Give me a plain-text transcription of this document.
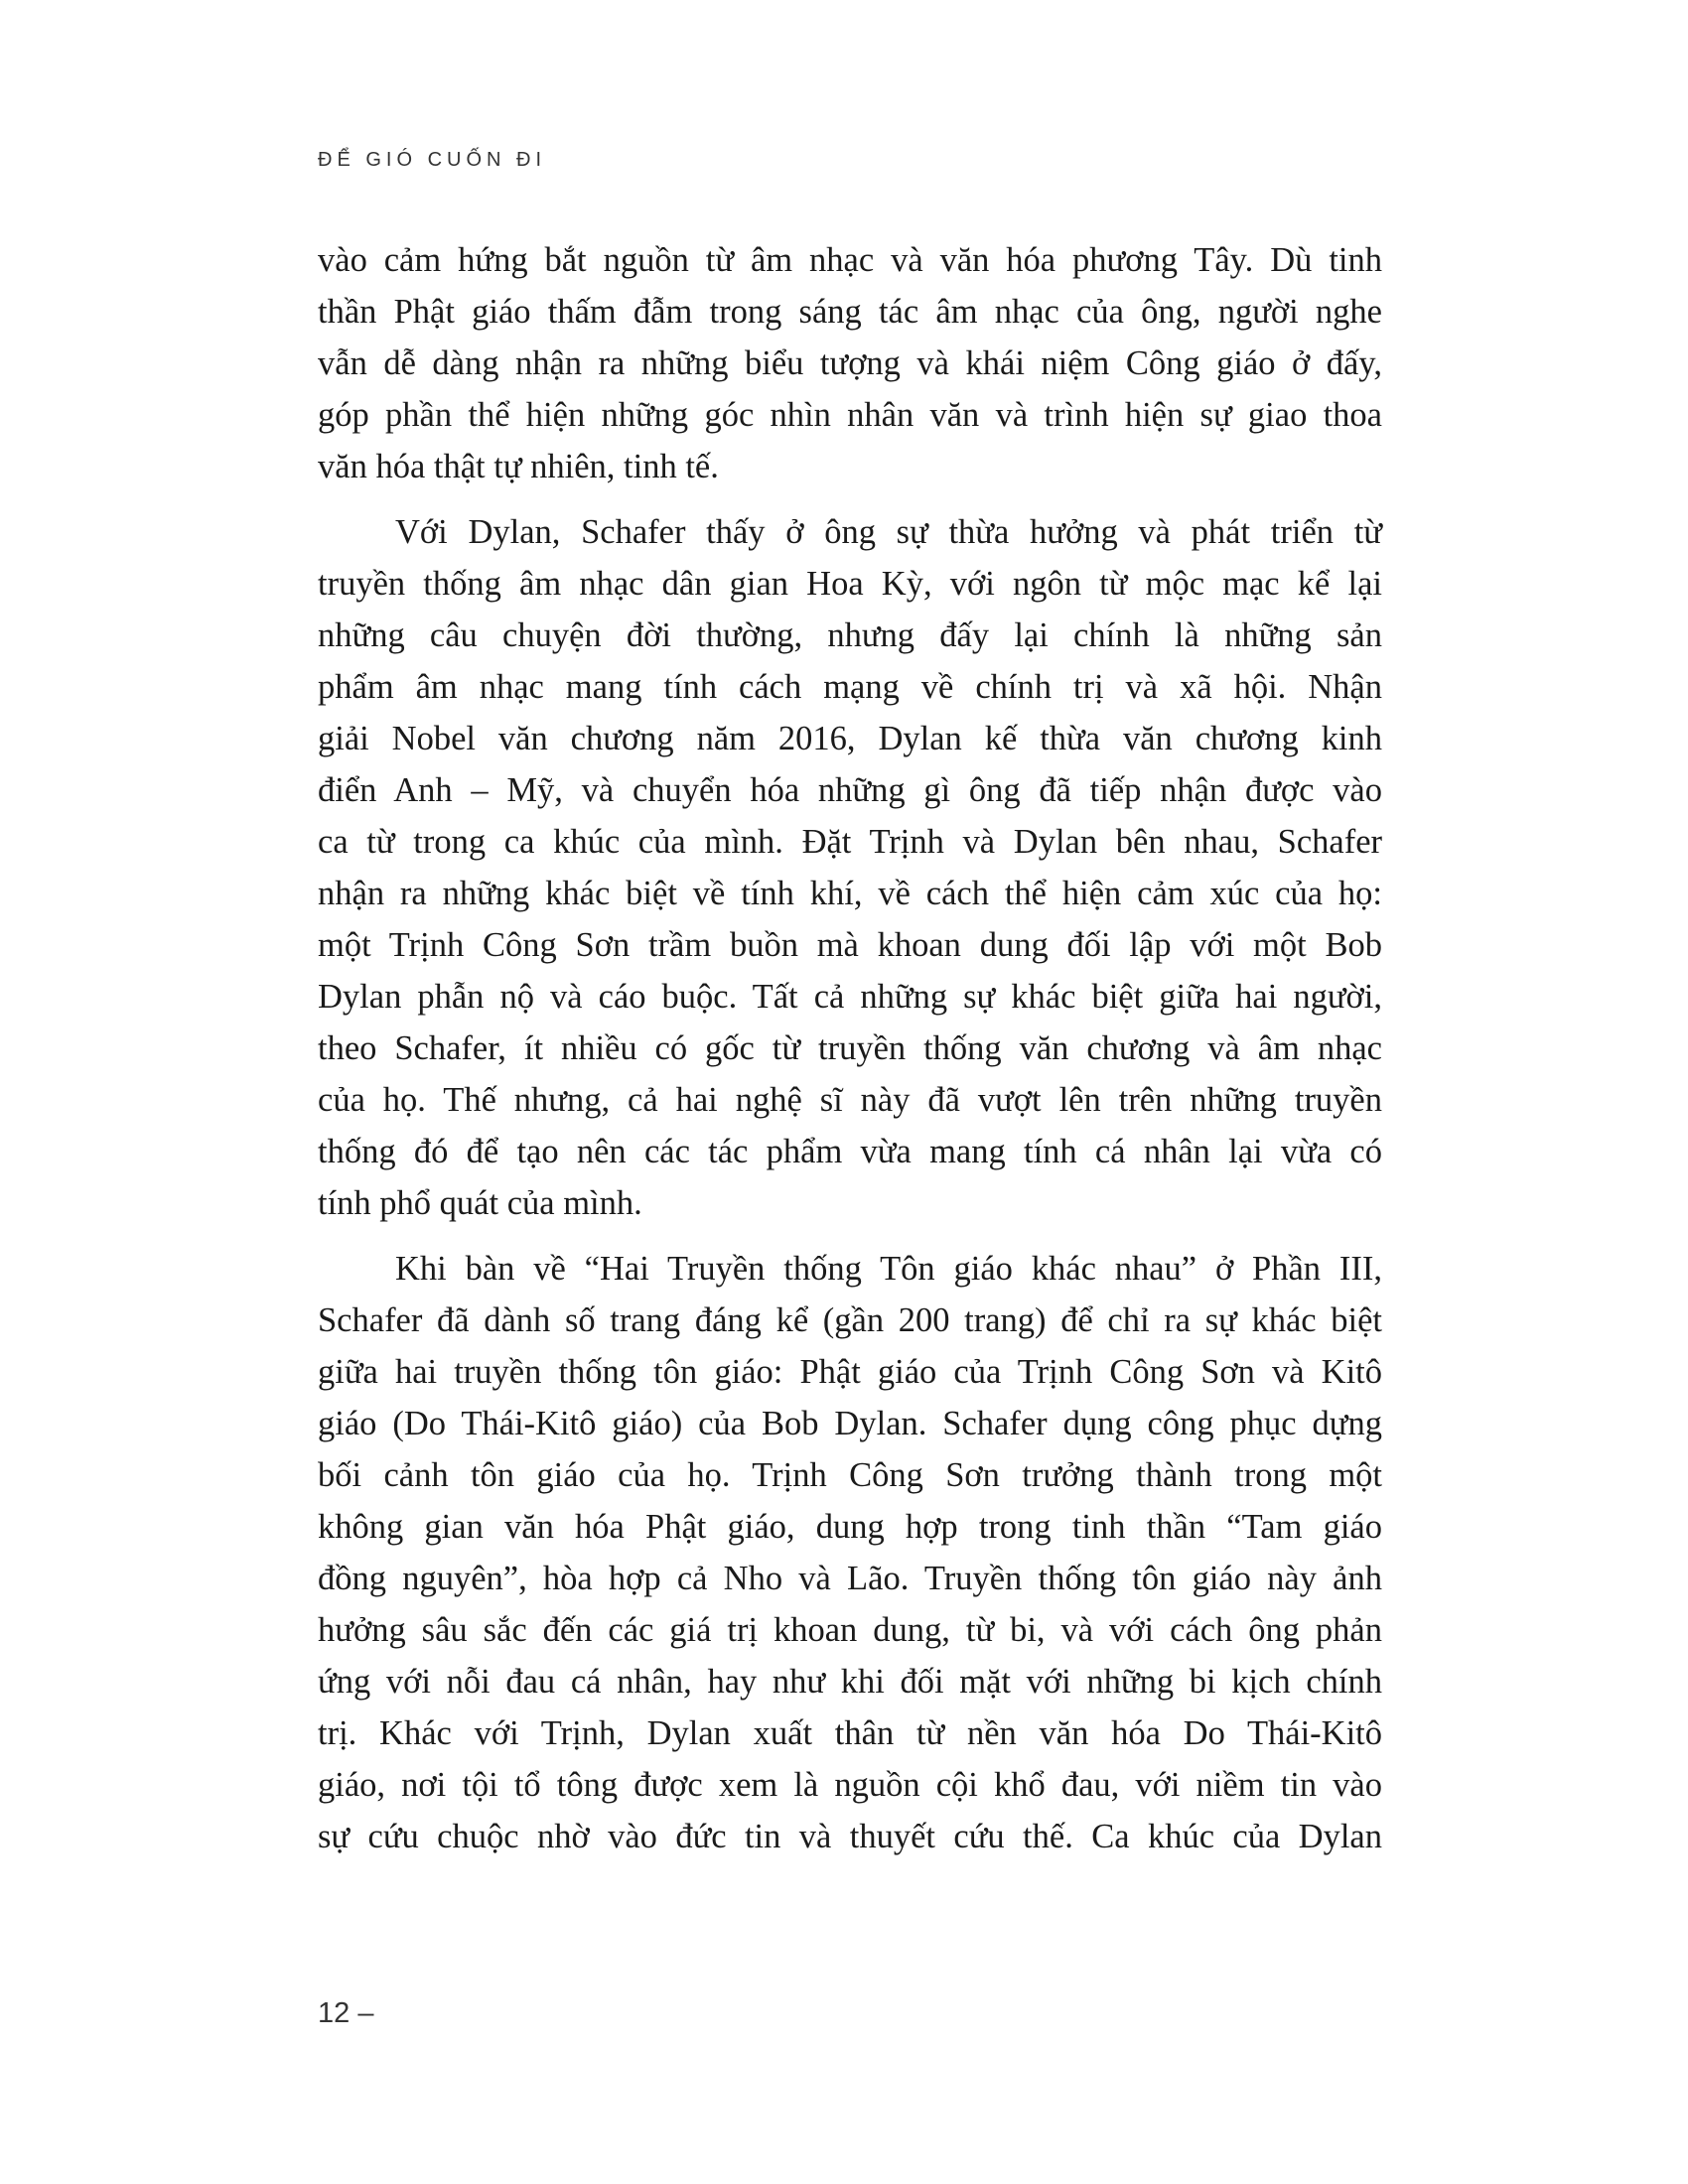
ĐỂ GIÓ CUỐN ĐI
vào cảm hứng bắt nguồn từ âm nhạc và văn hóa phương Tây. Dù tinh
thần Phật giáo thấm đẫm trong sáng tác âm nhạc của ông, người nghe
vẫn dễ dàng nhận ra những biểu tượng và khái niệm Công giáo ở đấy,
góp phần thể hiện những góc nhìn nhân văn và trình hiện sự giao thoa
văn hóa thật tự nhiên, tinh tế.
Với Dylan, Schafer thấy ở ông sự thừa hưởng và phát triển từ
truyền thống âm nhạc dân gian Hoa Kỳ, với ngôn từ mộc mạc kể lại
những câu chuyện đời thường, nhưng đấy lại chính là những sản
phẩm âm nhạc mang tính cách mạng về chính trị và xã hội. Nhận
giải Nobel văn chương năm 2016, Dylan kế thừa văn chương kinh
điển Anh – Mỹ, và chuyển hóa những gì ông đã tiếp nhận được vào
ca từ trong ca khúc của mình. Đặt Trịnh và Dylan bên nhau, Schafer
nhận ra những khác biệt về tính khí, về cách thể hiện cảm xúc của họ:
một Trịnh Công Sơn trầm buồn mà khoan dung đối lập với một Bob
Dylan phẫn nộ và cáo buộc. Tất cả những sự khác biệt giữa hai người,
theo Schafer, ít nhiều có gốc từ truyền thống văn chương và âm nhạc
của họ. Thế nhưng, cả hai nghệ sĩ này đã vượt lên trên những truyền
thống đó để tạo nên các tác phẩm vừa mang tính cá nhân lại vừa có
tính phổ quát của mình.
Khi bàn về “Hai Truyền thống Tôn giáo khác nhau” ở Phần III,
Schafer đã dành số trang đáng kể (gần 200 trang) để chỉ ra sự khác biệt
giữa hai truyền thống tôn giáo: Phật giáo của Trịnh Công Sơn và Kitô
giáo (Do Thái-Kitô giáo) của Bob Dylan. Schafer dụng công phục dựng
bối cảnh tôn giáo của họ. Trịnh Công Sơn trưởng thành trong một
không gian văn hóa Phật giáo, dung hợp trong tinh thần “Tam giáo
đồng nguyên”, hòa hợp cả Nho và Lão. Truyền thống tôn giáo này ảnh
hưởng sâu sắc đến các giá trị khoan dung, từ bi, và với cách ông phản
ứng với nỗi đau cá nhân, hay như khi đối mặt với những bi kịch chính
trị. Khác với Trịnh, Dylan xuất thân từ nền văn hóa Do Thái-Kitô
giáo, nơi tội tổ tông được xem là nguồn cội khổ đau, với niềm tin vào
sự cứu chuộc nhờ vào đức tin và thuyết cứu thế. Ca khúc của Dylan
12 –
